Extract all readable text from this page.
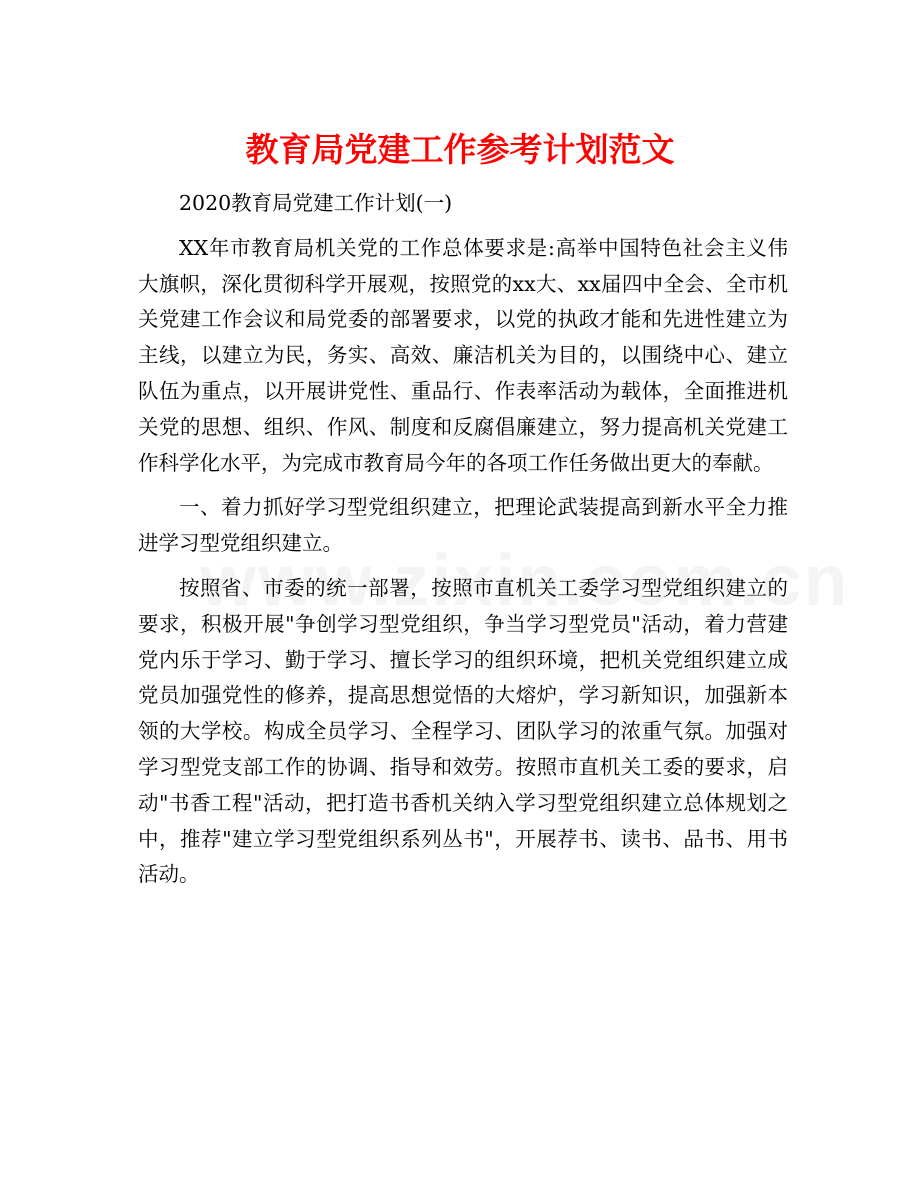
教育局党建工作参考计划范文

2020教育局党建工作计划(一)

XX年市教育局机关党的工作总体要求是:高举中国特色社会主义伟大旗帜，深化贯彻科学开展观，按照党的xx大、xx届四中全会、全市机关党建工作会议和局党委的部署要求，以党的执政才能和先进性建立为主线，以建立为民，务实、高效、廉洁机关为目的，以围绕中心、建立队伍为重点，以开展讲党性、重品行、作表率活动为载体，全面推进机关党的思想、组织、作风、制度和反腐倡廉建立，努力提高机关党建工作科学化水平，为完成市教育局今年的各项工作任务做出更大的奉献。

一、着力抓好学习型党组织建立，把理论武装提高到新水平全力推进学习型党组织建立。

按照省、市委的统一部署，按照市直机关工委学习型党组织建立的要求，积极开展"争创学习型党组织，争当学习型党员"活动，着力营建党内乐于学习、勤于学习、擅长学习的组织环境，把机关党组织建立成党员加强党性的修养，提高思想觉悟的大熔炉，学习新知识，加强新本领的大学校。构成全员学习、全程学习、团队学习的浓重气氛。加强对学习型党支部工作的协调、指导和效劳。按照市直机关工委的要求，启动"书香工程"活动，把打造书香机关纳入学习型党组织建立总体规划之中，推荐"建立学习型党组织系列丛书"，开展荐书、读书、品书、用书活动。
